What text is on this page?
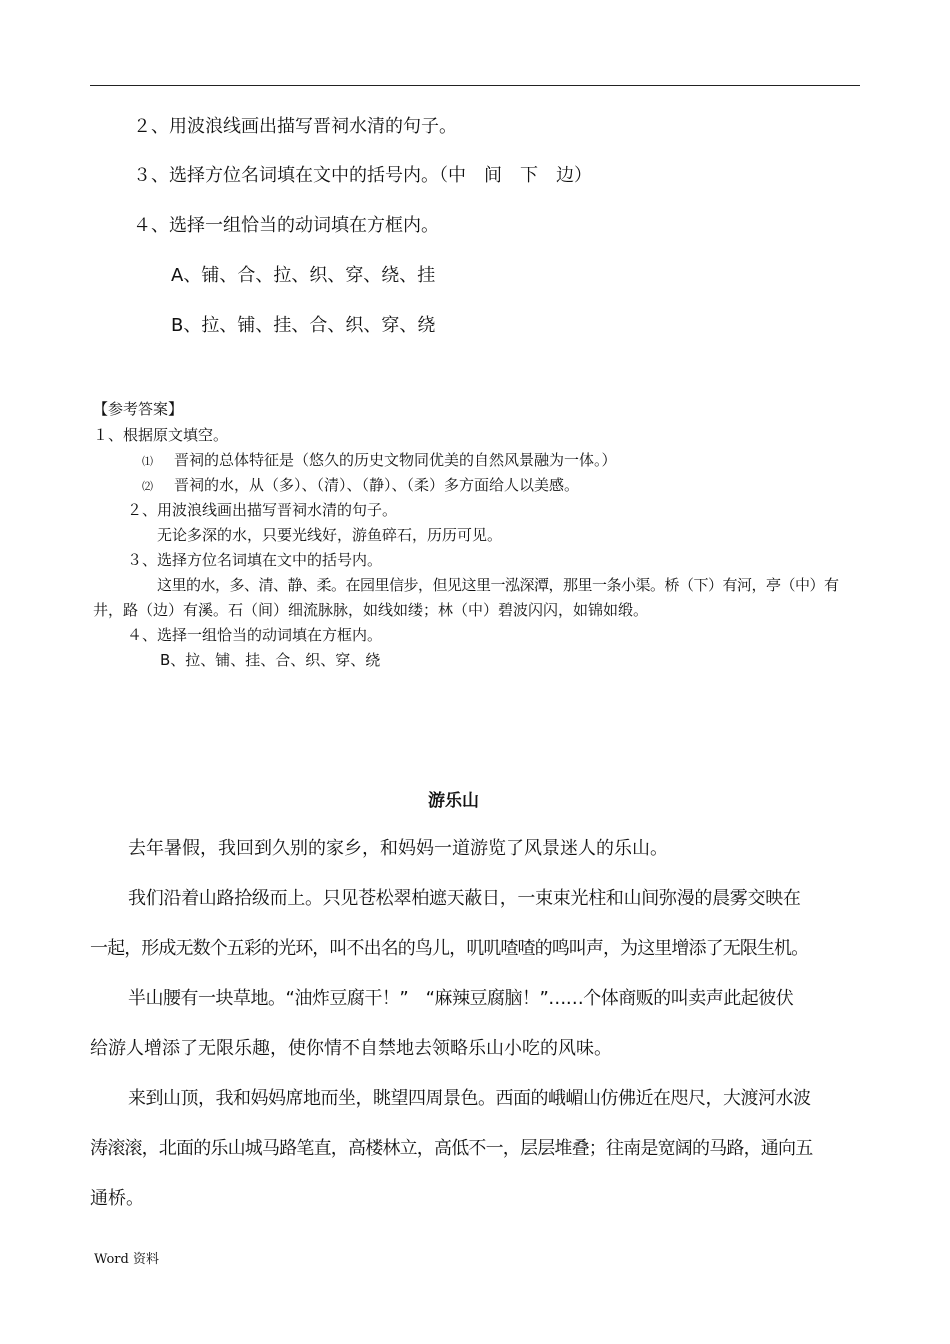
２、用波浪线画出描写晋祠水清的句子。
３、选择方位名词填在文中的括号内。（中　间　下　边）
４、选择一组恰当的动词填在方框内。
A、铺、合、拉、织、穿、绕、挂
B、拉、铺、挂、合、织、穿、绕
【参考答案】
１、根据原文填空。
⑴ 晋祠的总体特征是（悠久的历史文物同优美的自然风景融为一体。）
⑵ 晋祠的水，从（多）、（清）、（静）、（柔）多方面给人以美感。
２、用波浪线画出描写晋祠水清的句子。
无论多深的水，只要光线好，游鱼碎石，历历可见。
３、选择方位名词填在文中的括号内。
这里的水，多、清、静、柔。在园里信步，但见这里一泓深潭，那里一条小渠。桥（下）有河，亭（中）有
井，路（边）有溪。石（间）细流脉脉，如线如缕；林（中）碧波闪闪，如锦如缎。
４、选择一组恰当的动词填在方框内。
B、拉、铺、挂、合、织、穿、绕
游乐山
去年暑假，我回到久别的家乡，和妈妈一道游览了风景迷人的乐山。
我们沿着山路拾级而上。只见苍松翠柏遮天蔽日，一束束光柱和山间弥漫的晨雾交映在
一起，形成无数个五彩的光环，叫不出名的鸟儿，叽叽喳喳的鸣叫声，为这里增添了无限生机。
半山腰有一块草地。“油炸豆腐干！”　“麻辣豆腐脑！”……个体商贩的叫卖声此起彼伏
给游人增添了无限乐趣，使你情不自禁地去领略乐山小吃的风味。
来到山顶，我和妈妈席地而坐，眺望四周景色。西面的峨嵋山仿佛近在咫尺，大渡河水波
涛滚滚，北面的乐山城马路笔直，高楼林立，高低不一，层层堆叠；往南是宽阔的马路，通向五
通桥。
Word 资料
